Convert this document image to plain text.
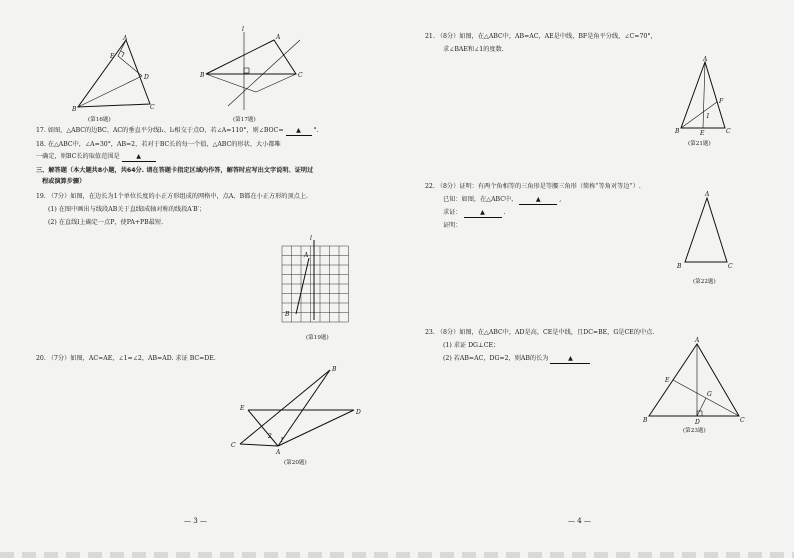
A
E
D
B	C
(第16题)
l
A
B	C
(第17题)
17. 如图，△ABC的边BC、AC的垂直平分线l₁、l₂相交于点O，若∠A=110°，则∠BOC= ▲ °.
18. 在△ABC中，∠A=30°，AB=2，若对于BC长的每一个值，△ABC的形状、大小都唯
一确定，则BC长的取值范围是	▲
三、解答题（本大题共8小题，共64分. 请在答题卡指定区域内作答，解答时应写出文字说明、证明过
程或演算步骤）
19. （7分）如图，在边长为1个单位长度的小正方形组成的网格中，点A、B都在小正方形的顶点上.
(1) 在图中画出与线段AB关于直线l成轴对称的线段A′B′；
(2) 在直线l上确定一点P，使PA+PB最短.
l
A
B
(第19题)
20. （7分）如图，AC=AE，∠1=∠2，AB=AD. 求证 BC=DE.
B
E
D
C
A
1
2
(第20题)
— 3 —
21. （8分）如图，在△ABC中，AB=AC，AE是中线，BF是角平分线，∠C=70°，
求∠BAE和∠1的度数.
A
B	E	C
F
1
(第21题)
22. （8分）证明：有两个角相等的三角形是等腰三角形（简称“等角对等边”）.
已知：如图，在△ABC中，	▲	,
求证：	▲	.
证明：
A
B	C
(第22题)
23. （8分）如图，在△ABC中，AD是高，CE是中线，且DC=BE，G是CE的中点.
(1) 求证 DG⊥CE；
(2) 若AB=AC，DG=2，则AB的长为	▲
A
E
G
B	D	C
(第23题)
— 4 —
